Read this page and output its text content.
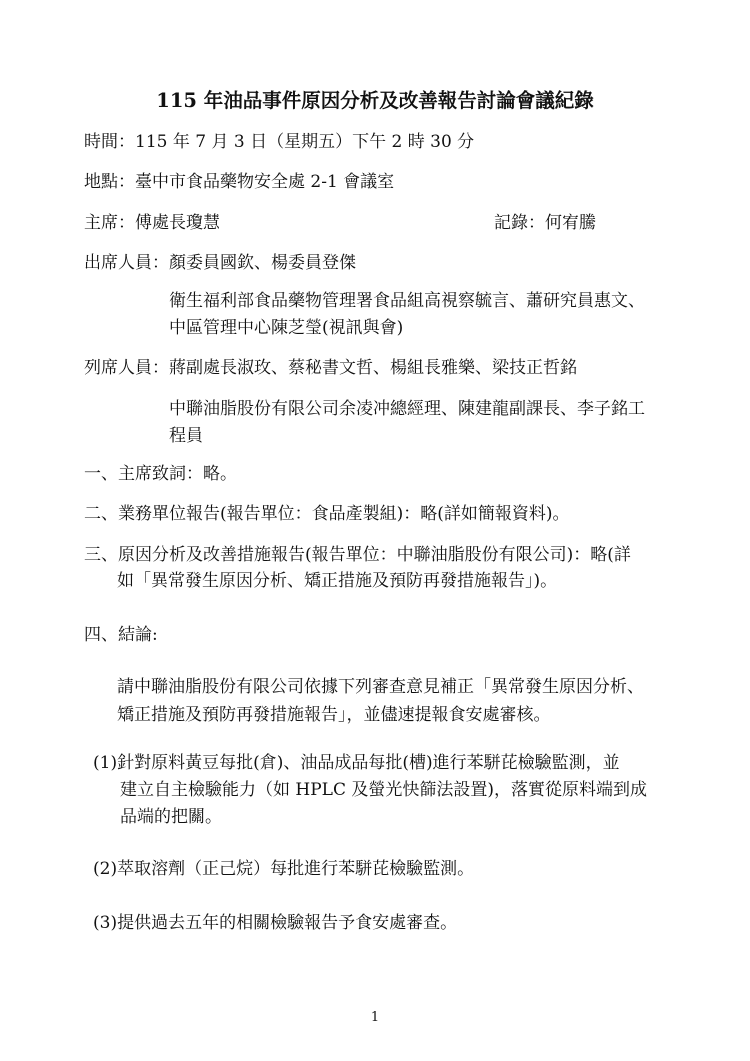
115 年油品事件原因分析及改善報告討論會議紀錄
時間：115 年 7 月 3 日（星期五）下午 2 時 30 分
地點：臺中市食品藥物安全處 2-1 會議室
主席：傅處長瓊慧	記錄：何宥騰
出席人員：顏委員國欽、楊委員登傑
衛生福利部食品藥物管理署食品組高視察毓言、蕭研究員惠文、
中區管理中心陳芝瑩(視訊與會)
列席人員：蔣副處長淑玫、蔡秘書文哲、楊組長雅樂、梁技正哲銘
中聯油脂股份有限公司余凌冲總經理、陳建龍副課長、李子銘工
程員
一、主席致詞：略。
二、業務單位報告(報告單位：食品產製組)：略(詳如簡報資料)。
三、原因分析及改善措施報告(報告單位：中聯油脂股份有限公司)：略(詳
如「異常發生原因分析、矯正措施及預防再發措施報告」)。
四、結論:
請中聯油脂股份有限公司依據下列審查意見補正「異常發生原因分析、
矯正措施及預防再發措施報告」，並儘速提報食安處審核。
(1)針對原料黃豆每批(倉)、油品成品每批(槽)進行苯駢芘檢驗監測，並
建立自主檢驗能力（如 HPLC 及螢光快篩法設置)，落實從原料端到成
品端的把關。
(2)萃取溶劑（正己烷）每批進行苯駢芘檢驗監測。
(3)提供過去五年的相關檢驗報告予食安處審查。
1
